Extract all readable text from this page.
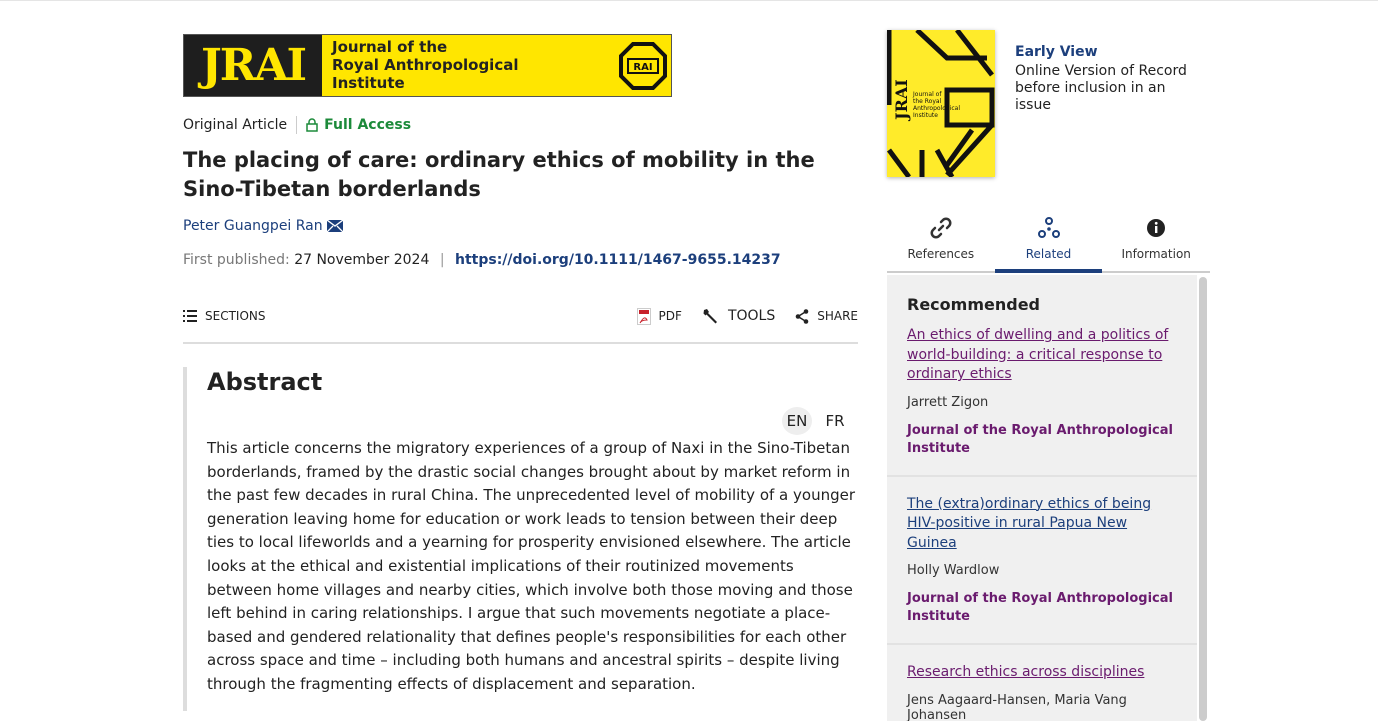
JRAI	Journal of the
Royal Anthropological
Institute
RAI
Original Article	Full Access
The placing of care: ordinary ethics of mobility in the Sino-Tibetan borderlands
Peter Guangpei Ran
First published: 27 November 2024 | https://doi.org/10.1111/1467-9655.14237
SECTIONS	PDF	TOOLS	SHARE
Abstract
EN	FR

This article concerns the migratory experiences of a group of Naxi in the Sino-Tibetan borderlands, framed by the drastic social changes brought about by market reform in the past few decades in rural China. The unprecedented level of mobility of a younger generation leaving home for education or work leads to tension between their deep ties to local lifeworlds and a yearning for prosperity envisioned elsewhere. The article looks at the ethical and existential implications of their routinized movements between home villages and nearby cities, which involve both those moving and those left behind in caring relationships. I argue that such movements negotiate a place-based and gendered relationality that defines people's responsibilities for each other across space and time – including both humans and ancestral spirits – despite living through the fragmenting effects of displacement and separation.

JRAI Journal of
the Royal
Anthropological
Institute
Early View
Online Version of Record before inclusion in an issue
References	Related	Information
Recommended
An ethics of dwelling and a politics of world-building: a critical response to ordinary ethics
Jarrett Zigon
Journal of the Royal Anthropological Institute
The (extra)ordinary ethics of being HIV-positive in rural Papua New Guinea
Holly Wardlow
Journal of the Royal Anthropological Institute
Research ethics across disciplines
Jens Aagaard-Hansen, Maria Vang Johansen
